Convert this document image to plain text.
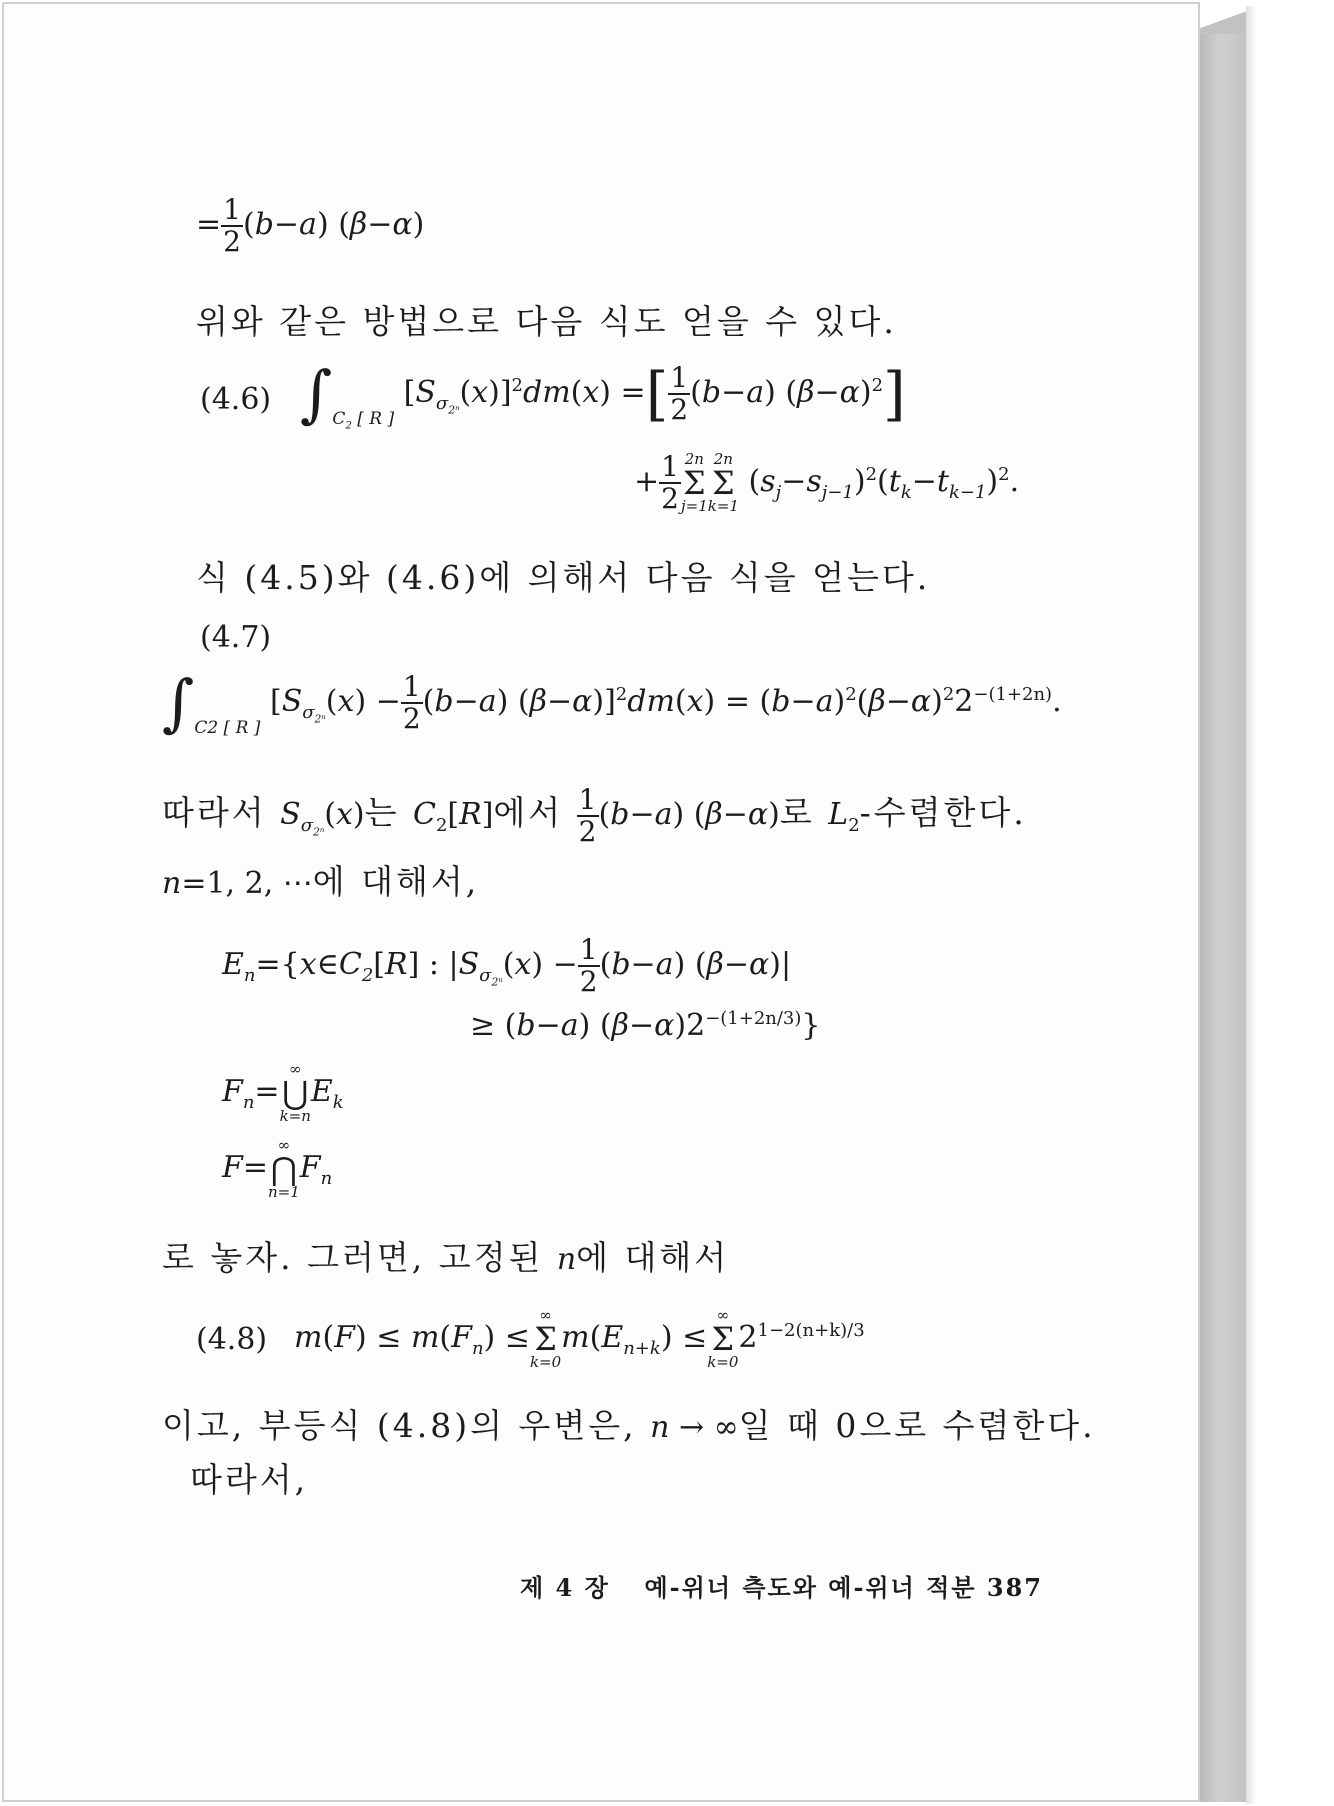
= $\frac{1}{2} (b-a)$ (β−α)
위와 같은 방법으로 다음 식도 얻을 수 있다.
(4.6) $\int_{C_2 [ R ]}$ $[S_{\sigma_{2^n}}(x)]^2dm(x)$ =[ $\frac{1}{2} (b-a)$ $(\beta-\alpha)^2$]
+ $\frac{1}{2} 2n$
Σ
j=1
2n
Σ
k=1
$(s_j-s_{j-1})^2(t_k-t_{k-1})^2$.
식 (4.5)와 (4.6)에 의해서 다음 식을 얻는다.
(4.7)
$\int_{C2 [ R ]}$ $[S_{\sigma_{2^n}}(x) - \frac{1}{2} (b-a) (\beta-\alpha)]^2dm(x) = (b-a)^2(\beta-\alpha)^22^{-(1+2n)}$.
따라서 $S_{\sigma_{2^n}}(x)$는 $C_2[R]$에서 $\frac{1}{2} (b-a)$ (β−α)로 $L_2-$수렴한다.
n=1, 2, ⋯에 대해서,
$E_n=\{x\in C_2[R]$ : $|S_{\sigma_{2^n}}(x) - \frac{1}{2} (b-a)$ (β−α)|
≥ (b−a) $(\beta-\alpha)2^{-(1+2n/3)}$}
$F_n=$
∞
⋃
k=n
$E_k$
F=
∞
⋂
n=1
$F_n$
로 놓자. 그러면, 고정된 n에 대해서
(4.8) $m(F) \le m(F_n)$ ≤
∞
Σ
k=0
$m(E_{n+k})$ ≤
∞
Σ
k=0
$2^{1-2(n+k)/3}$
이고, 부등식 (4.8)의 우변은, n → ∞일 때 0으로 수렴한다.
따라서,
제 4 장 예-위너 측도와 예-위너 적분 387
